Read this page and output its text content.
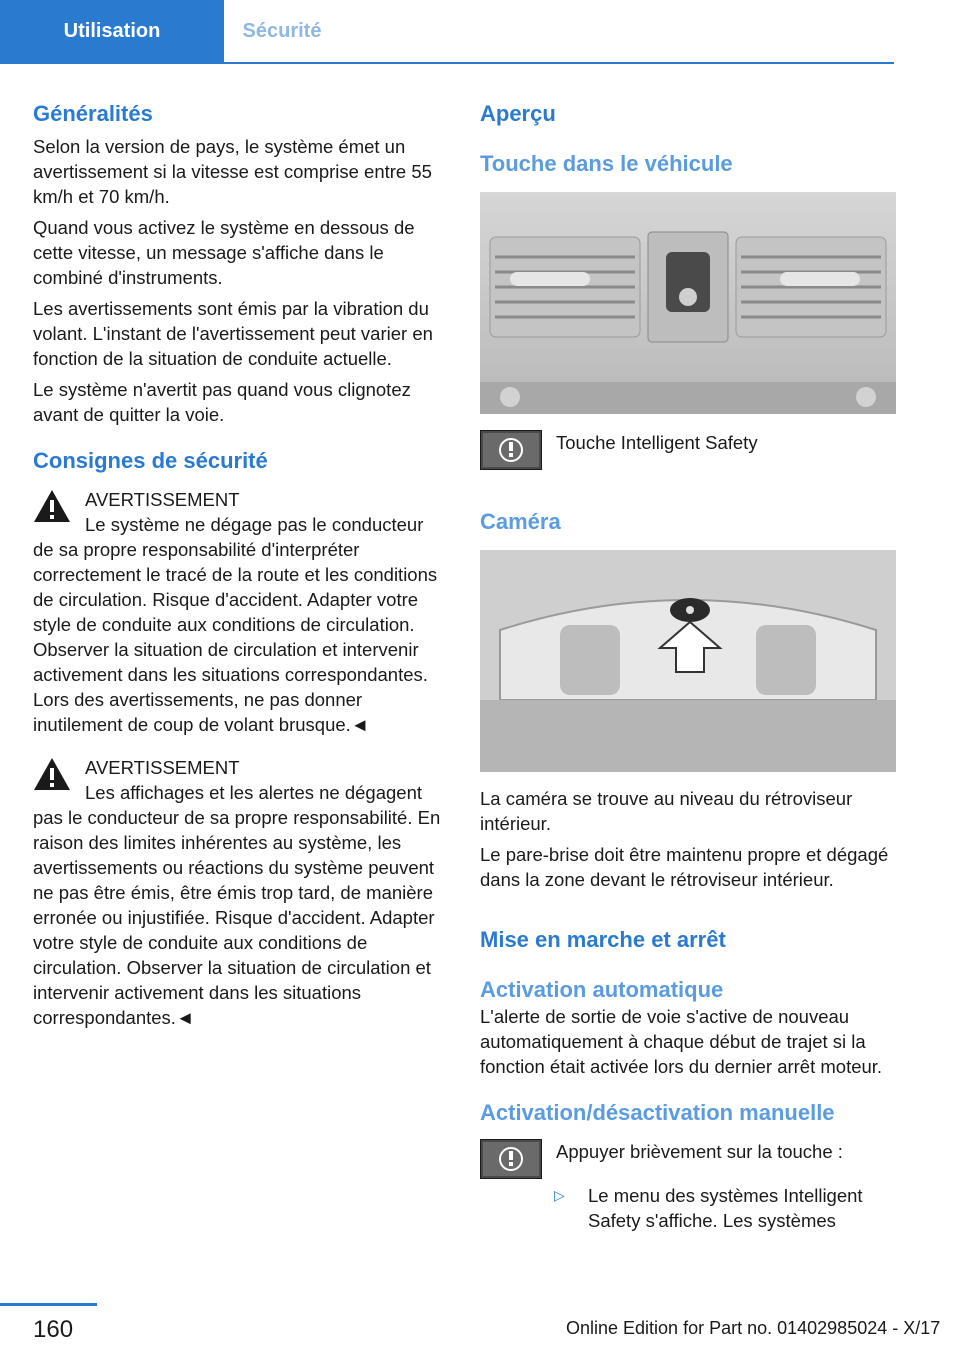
Utilisation	Sécurité
Généralités

Selon la version de pays, le système émet un avertissement si la vitesse est comprise entre 55 km/h et 70 km/h.

Quand vous activez le système en dessous de cette vitesse, un message s'affiche dans le combiné d'instruments.

Les avertissements sont émis par la vibration du volant. L'instant de l'avertissement peut varier en fonction de la situation de conduite actuelle.

Le système n'avertit pas quand vous clignotez avant de quitter la voie.

Consignes de sécurité
AVERTISSEMENT
Le système ne dégage pas le conducteur de sa propre responsabilité d'interpréter correctement le tracé de la route et les conditions de circulation. Risque d'accident. Adapter votre style de conduite aux conditions de circulation. Observer la situation de circulation et intervenir activement dans les situations correspondantes. Lors des avertissements, ne pas donner inutilement de coup de volant brusque.◄
AVERTISSEMENT
Les affichages et les alertes ne dégagent pas le conducteur de sa propre responsabilité. En raison des limites inhérentes au système, les avertissements ou réactions du système peuvent ne pas être émis, être émis trop tard, de manière erronée ou injustifiée. Risque d'accident. Adapter votre style de conduite aux conditions de circulation. Observer la situation de circulation et intervenir activement dans les situations correspondantes.◄
Aperçu
Touche dans le véhicule
Touche Intelligent Safety
Caméra

La caméra se trouve au niveau du rétroviseur intérieur.

Le pare-brise doit être maintenu propre et dégagé dans la zone devant le rétroviseur intérieur.

Mise en marche et arrêt
Activation automatique

L'alerte de sortie de voie s'active de nouveau automatiquement à chaque début de trajet si la fonction était activée lors du dernier arrêt moteur.

Activation/désactivation manuelle
Appuyer brièvement sur la touche :
▷	Le menu des systèmes Intelligent Safety s'affiche. Les systèmes
160	Online Edition for Part no. 01402985024 - X/17
